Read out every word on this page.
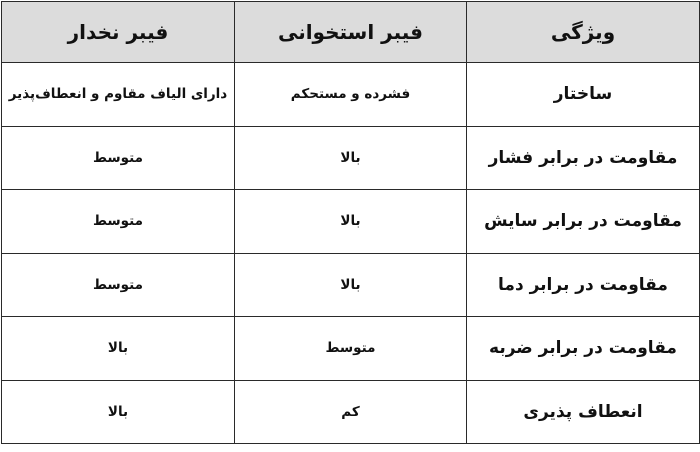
ویژگی	فیبر استخوانی	فیبر نخدار
ساختار	فشرده و مستحکم	دارای الیاف مقاوم و انعطاف‌پذیر
مقاومت در برابر فشار	بالا	متوسط
مقاومت در برابر سایش	بالا	متوسط
مقاومت در برابر دما	بالا	متوسط
مقاومت در برابر ضربه	متوسط	بالا
انعطاف پذیری	کم	بالا
